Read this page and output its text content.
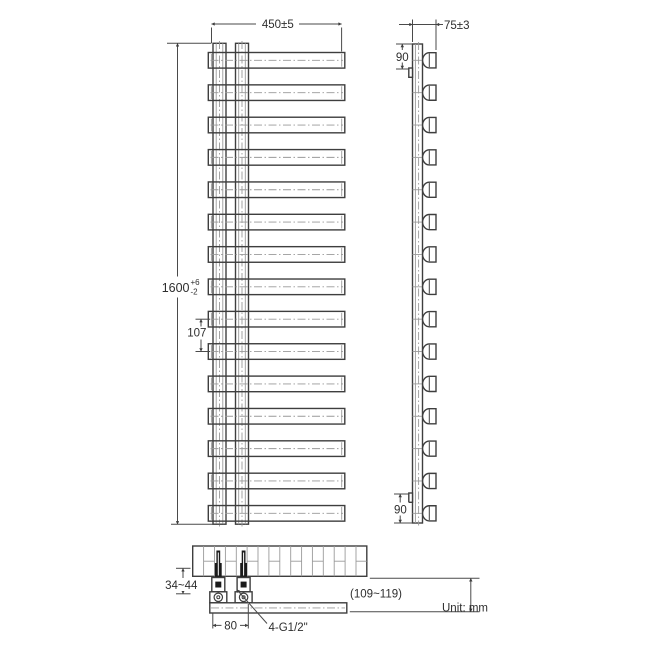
450±5
1600 +6
-2
107
75±3
90
90
34~44
80	4-G1/2"
(109~119)
Unit: mm
